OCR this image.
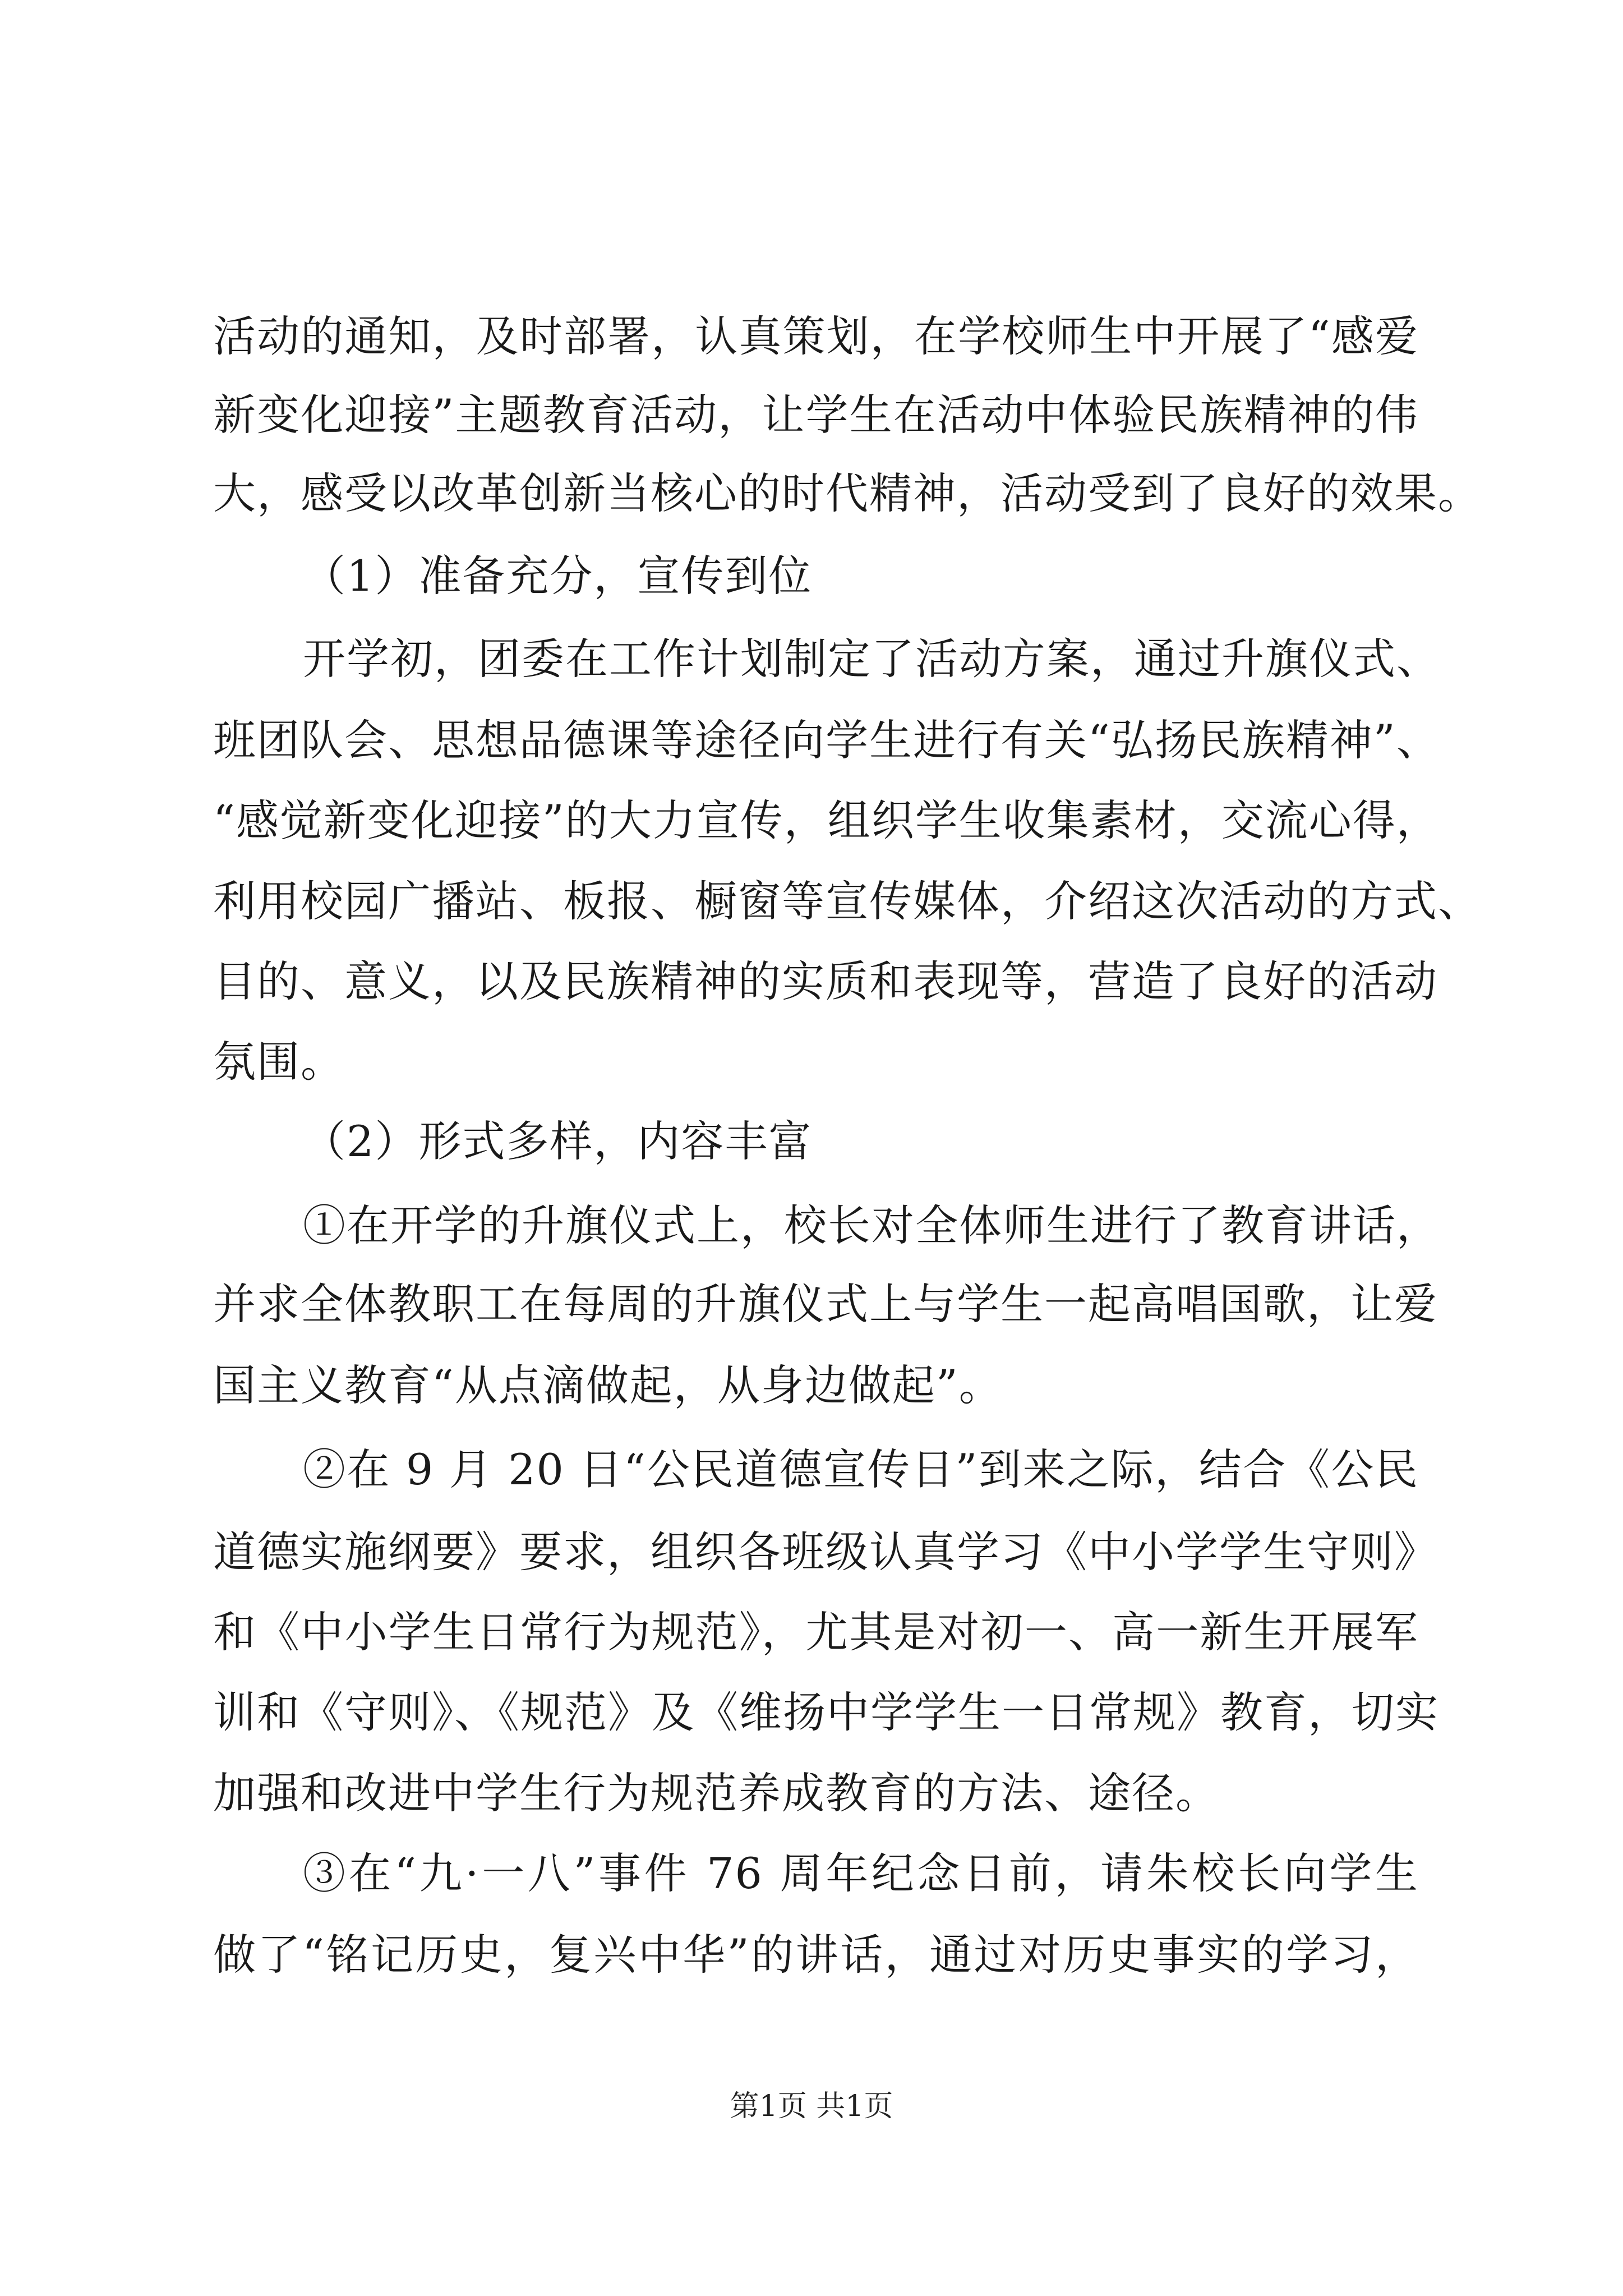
活动的通知，及时部署，认真策划，在学校师生中开展了“感爱
新变化迎接”主题教育活动，让学生在活动中体验民族精神的伟
大，感受以改革创新当核心的时代精神，活动受到了良好的效果。
（1）准备充分，宣传到位
开学初，团委在工作计划制定了活动方案，通过升旗仪式、
班团队会、思想品德课等途径向学生进行有关“弘扬民族精神”、
“感觉新变化迎接”的大力宣传，组织学生收集素材，交流心得，
利用校园广播站、板报、橱窗等宣传媒体，介绍这次活动的方式、
目的、意义，以及民族精神的实质和表现等，营造了良好的活动
氛围。
（2）形式多样，内容丰富
①在开学的升旗仪式上，校长对全体师生进行了教育讲话，
并求全体教职工在每周的升旗仪式上与学生一起高唱国歌，让爱
国主义教育“从点滴做起，从身边做起”。
②在 9 月 20 日“公民道德宣传日”到来之际，结合《公民
道德实施纲要》要求，组织各班级认真学习《中小学学生守则》
和《中小学生日常行为规范》，尤其是对初一、高一新生开展军
训和《守则》、《规范》及《维扬中学学生一日常规》教育，切实
加强和改进中学生行为规范养成教育的方法、途径。
③在“九·一八”事件 76 周年纪念日前，请朱校长向学生
做了“铭记历史，复兴中华”的讲话，通过对历史事实的学习，
第1页 共1页
